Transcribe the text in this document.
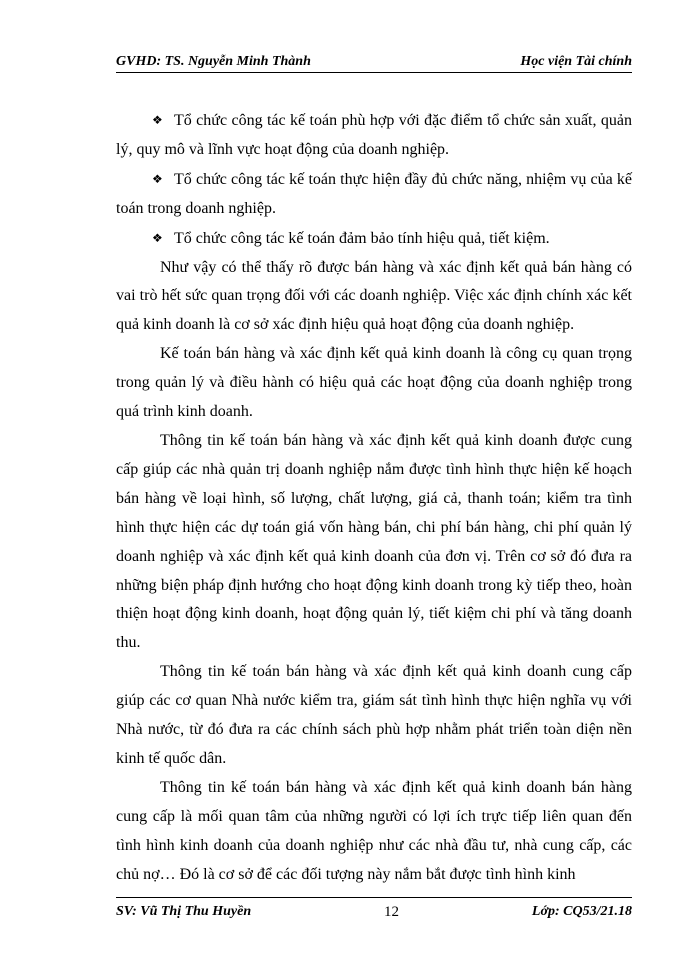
GVHD: TS. Nguyễn Minh Thành	Học viện Tài chính

❖ Tổ chức công tác kế toán phù hợp với đặc điểm tổ chức sản xuất, quản lý, quy mô và lĩnh vực hoạt động của doanh nghiệp.

❖ Tổ chức công tác kế toán thực hiện đầy đủ chức năng, nhiệm vụ của kế toán trong doanh nghiệp.

❖ Tổ chức công tác kế toán đảm bảo tính hiệu quả, tiết kiệm.

Như vậy có thể thấy rõ được bán hàng và xác định kết quả bán hàng có vai trò hết sức quan trọng đối với các doanh nghiệp. Việc xác định chính xác kết quả kinh doanh là cơ sở xác định hiệu quả hoạt động của doanh nghiệp.

Kế toán bán hàng và xác định kết quả kinh doanh là công cụ quan trọng trong quản lý và điều hành có hiệu quả các hoạt động của doanh nghiệp trong quá trình kinh doanh.

Thông tin kế toán bán hàng và xác định kết quả kinh doanh được cung cấp giúp các nhà quản trị doanh nghiệp nắm được tình hình thực hiện kế hoạch bán hàng về loại hình, số lượng, chất lượng, giá cả, thanh toán; kiểm tra tình hình thực hiện các dự toán giá vốn hàng bán, chi phí bán hàng, chi phí quản lý doanh nghiệp và xác định kết quả kinh doanh của đơn vị. Trên cơ sở đó đưa ra những biện pháp định hướng cho hoạt động kinh doanh trong kỳ tiếp theo, hoàn thiện hoạt động kinh doanh, hoạt động quản lý, tiết kiệm chi phí và tăng doanh thu.

Thông tin kế toán bán hàng và xác định kết quả kinh doanh cung cấp giúp các cơ quan Nhà nước kiểm tra, giám sát tình hình thực hiện nghĩa vụ với Nhà nước, từ đó đưa ra các chính sách phù hợp nhằm phát triển toàn diện nền kinh tế quốc dân.

Thông tin kế toán bán hàng và xác định kết quả kinh doanh bán hàng cung cấp là mối quan tâm của những người có lợi ích trực tiếp liên quan đến tình hình kinh doanh của doanh nghiệp như các nhà đầu tư, nhà cung cấp, các chủ nợ… Đó là cơ sở để các đối tượng này nắm bắt được tình hình kinh

SV: Vũ Thị Thu Huyền	12	Lớp: CQ53/21.18
